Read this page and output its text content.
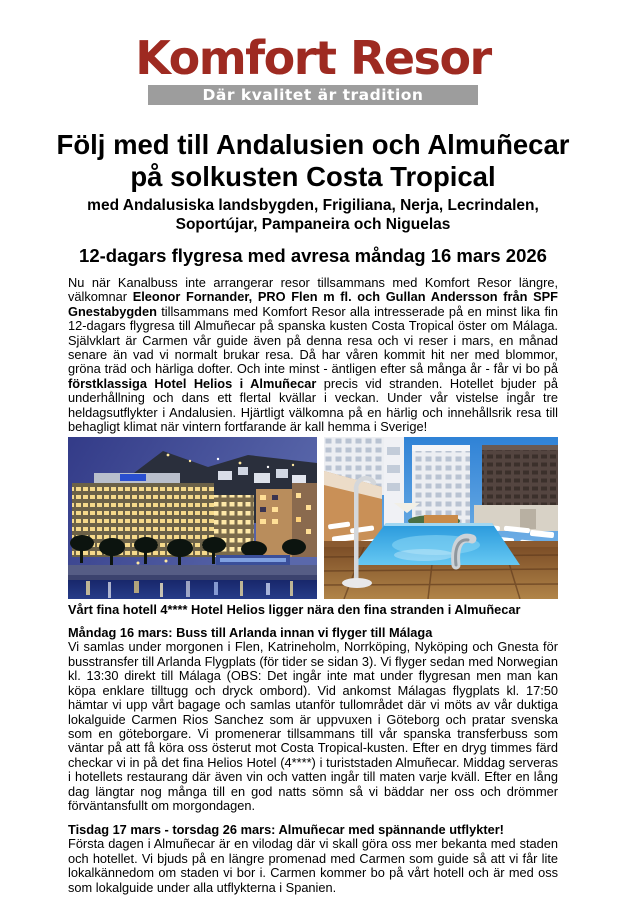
Komfort Resor
Där kvalitet är tradition
Följ med till Andalusien och Almuñecar
på solkusten Costa Tropical
med Andalusiska landsbygden, Frigiliana, Nerja, Lecrindalen,
Soportújar, Pampaneira och Niguelas
12-dagars flygresa med avresa måndag 16 mars 2026

Nu när Kanalbuss inte arrangerar resor tillsammans med Komfort Resor längre, välkomnar Eleonor Fornander, PRO Flen m fl. och Gullan Andersson från SPF Gnestabygden tillsammans med Komfort Resor alla intresserade på en minst lika fin 12-dagars flygresa till Almuñecar på spanska kusten Costa Tropical öster om Málaga. Självklart är Carmen vår guide även på denna resa och vi reser i mars, en månad senare än vad vi normalt brukar resa. Då har våren kommit hit ner med blommor, gröna träd och härliga dofter. Och inte minst - äntligen efter så många år - får vi bo på förstklassiga Hotel Helios i Almuñecar precis vid stranden. Hotellet bjuder på underhållning och dans ett flertal kvällar i veckan. Under vår vistelse ingår tre heldagsutflykter i Andalusien. Hjärtligt välkomna på en härlig och innehållsrik resa till behagligt klimat när vintern fortfarande är kall hemma i Sverige!

Vårt fina hotell 4**** Hotel Helios ligger nära den fina stranden i Almuñecar
Måndag 16 mars: Buss till Arlanda innan vi flyger till Málaga

Vi samlas under morgonen i Flen, Katrineholm, Norrköping, Nyköping och Gnesta för busstransfer till Arlanda Flygplats (för tider se sidan 3). Vi flyger sedan med Norwegian kl. 13:30 direkt till Málaga (OBS: Det ingår inte mat under flygresan men man kan köpa enklare tilltugg och dryck ombord). Vid ankomst Málagas flygplats kl. 17:50 hämtar vi upp vårt bagage och samlas utanför tullområdet där vi möts av vår duktiga lokalguide Carmen Rios Sanchez som är uppvuxen i Göteborg och pratar svenska som en göteborgare. Vi promenerar tillsammans till vår spanska transferbuss som väntar på att få köra oss österut mot Costa Tropical-kusten. Efter en dryg timmes färd checkar vi in på det fina Helios Hotel (4****) i turiststaden Almuñecar. Middag serveras i hotellets restaurang där även vin och vatten ingår till maten varje kväll. Efter en lång dag längtar nog många till en god natts sömn så vi bäddar ner oss och drömmer förväntansfullt om morgondagen.

Tisdag 17 mars - torsdag 26 mars: Almuñecar med spännande utflykter!

Första dagen i Almuñecar är en vilodag där vi skall göra oss mer bekanta med staden och hotellet. Vi bjuds på en längre promenad med Carmen som guide så att vi får lite lokalkännedom om staden vi bor i. Carmen kommer bo på vårt hotell och är med oss som lokalguide under alla utflykterna i Spanien.
